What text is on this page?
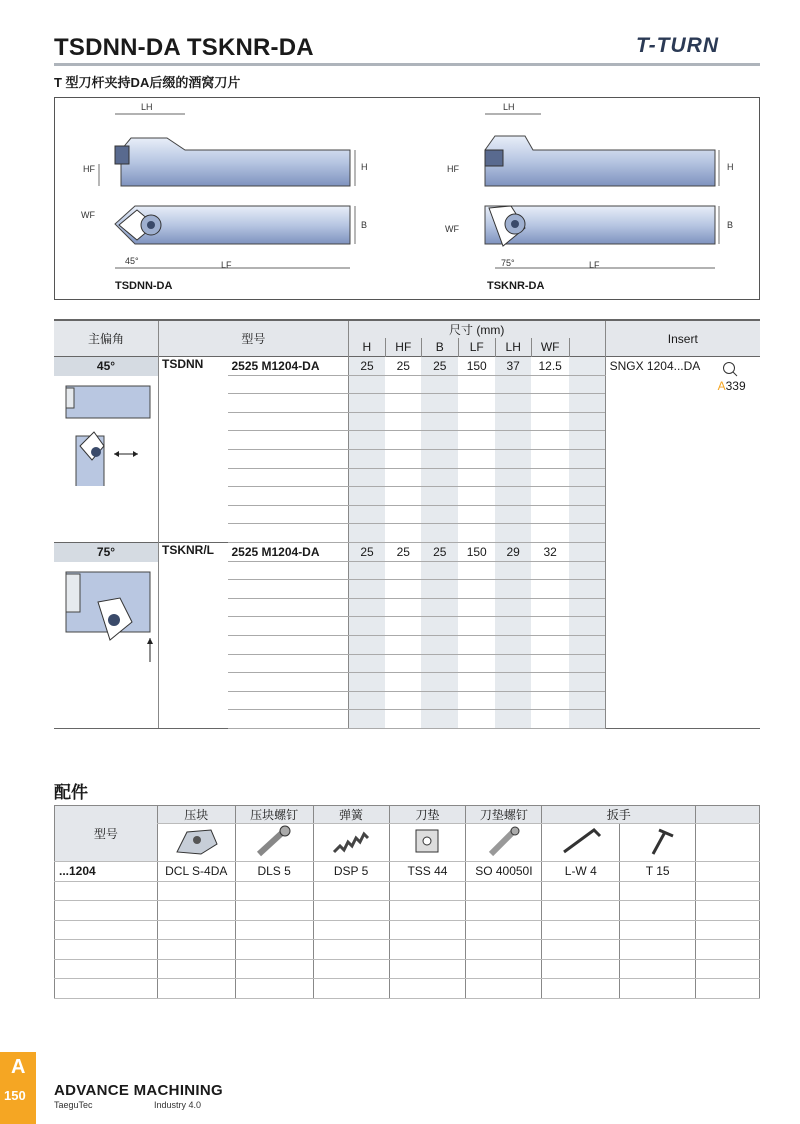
TSDNN-DA TSKNR-DA	T-TURN
T 型刀杆夹持DA后缀的酒窝刀片
LH
HF	H
WF
B
45°	LF
TSDNN-DA
LH
HF	H
WF	B
75°	LF
TSKNR-DA
主偏角	型号		尺寸 (mm)							Insert
			H	HF	B	LF	LH	WF		

45°	TSDNN	2525 M1204-DA	25	25	25	150	37	12.5		SNGX 1204...DA
A339

75°	TSKNR/L	2525 M1204-DA	25	25	25	150	29	32		

配件
型号	压块	压块螺钉	弹簧	刀垫	刀垫螺钉	扳手		

...1204	DCL S-4DA	DLS 5	DSP 5	TSS 44	SO 40050I	L-W 4	T 15	

A
150 ADVANCE MACHINING
TaeguTec	Industry 4.0
